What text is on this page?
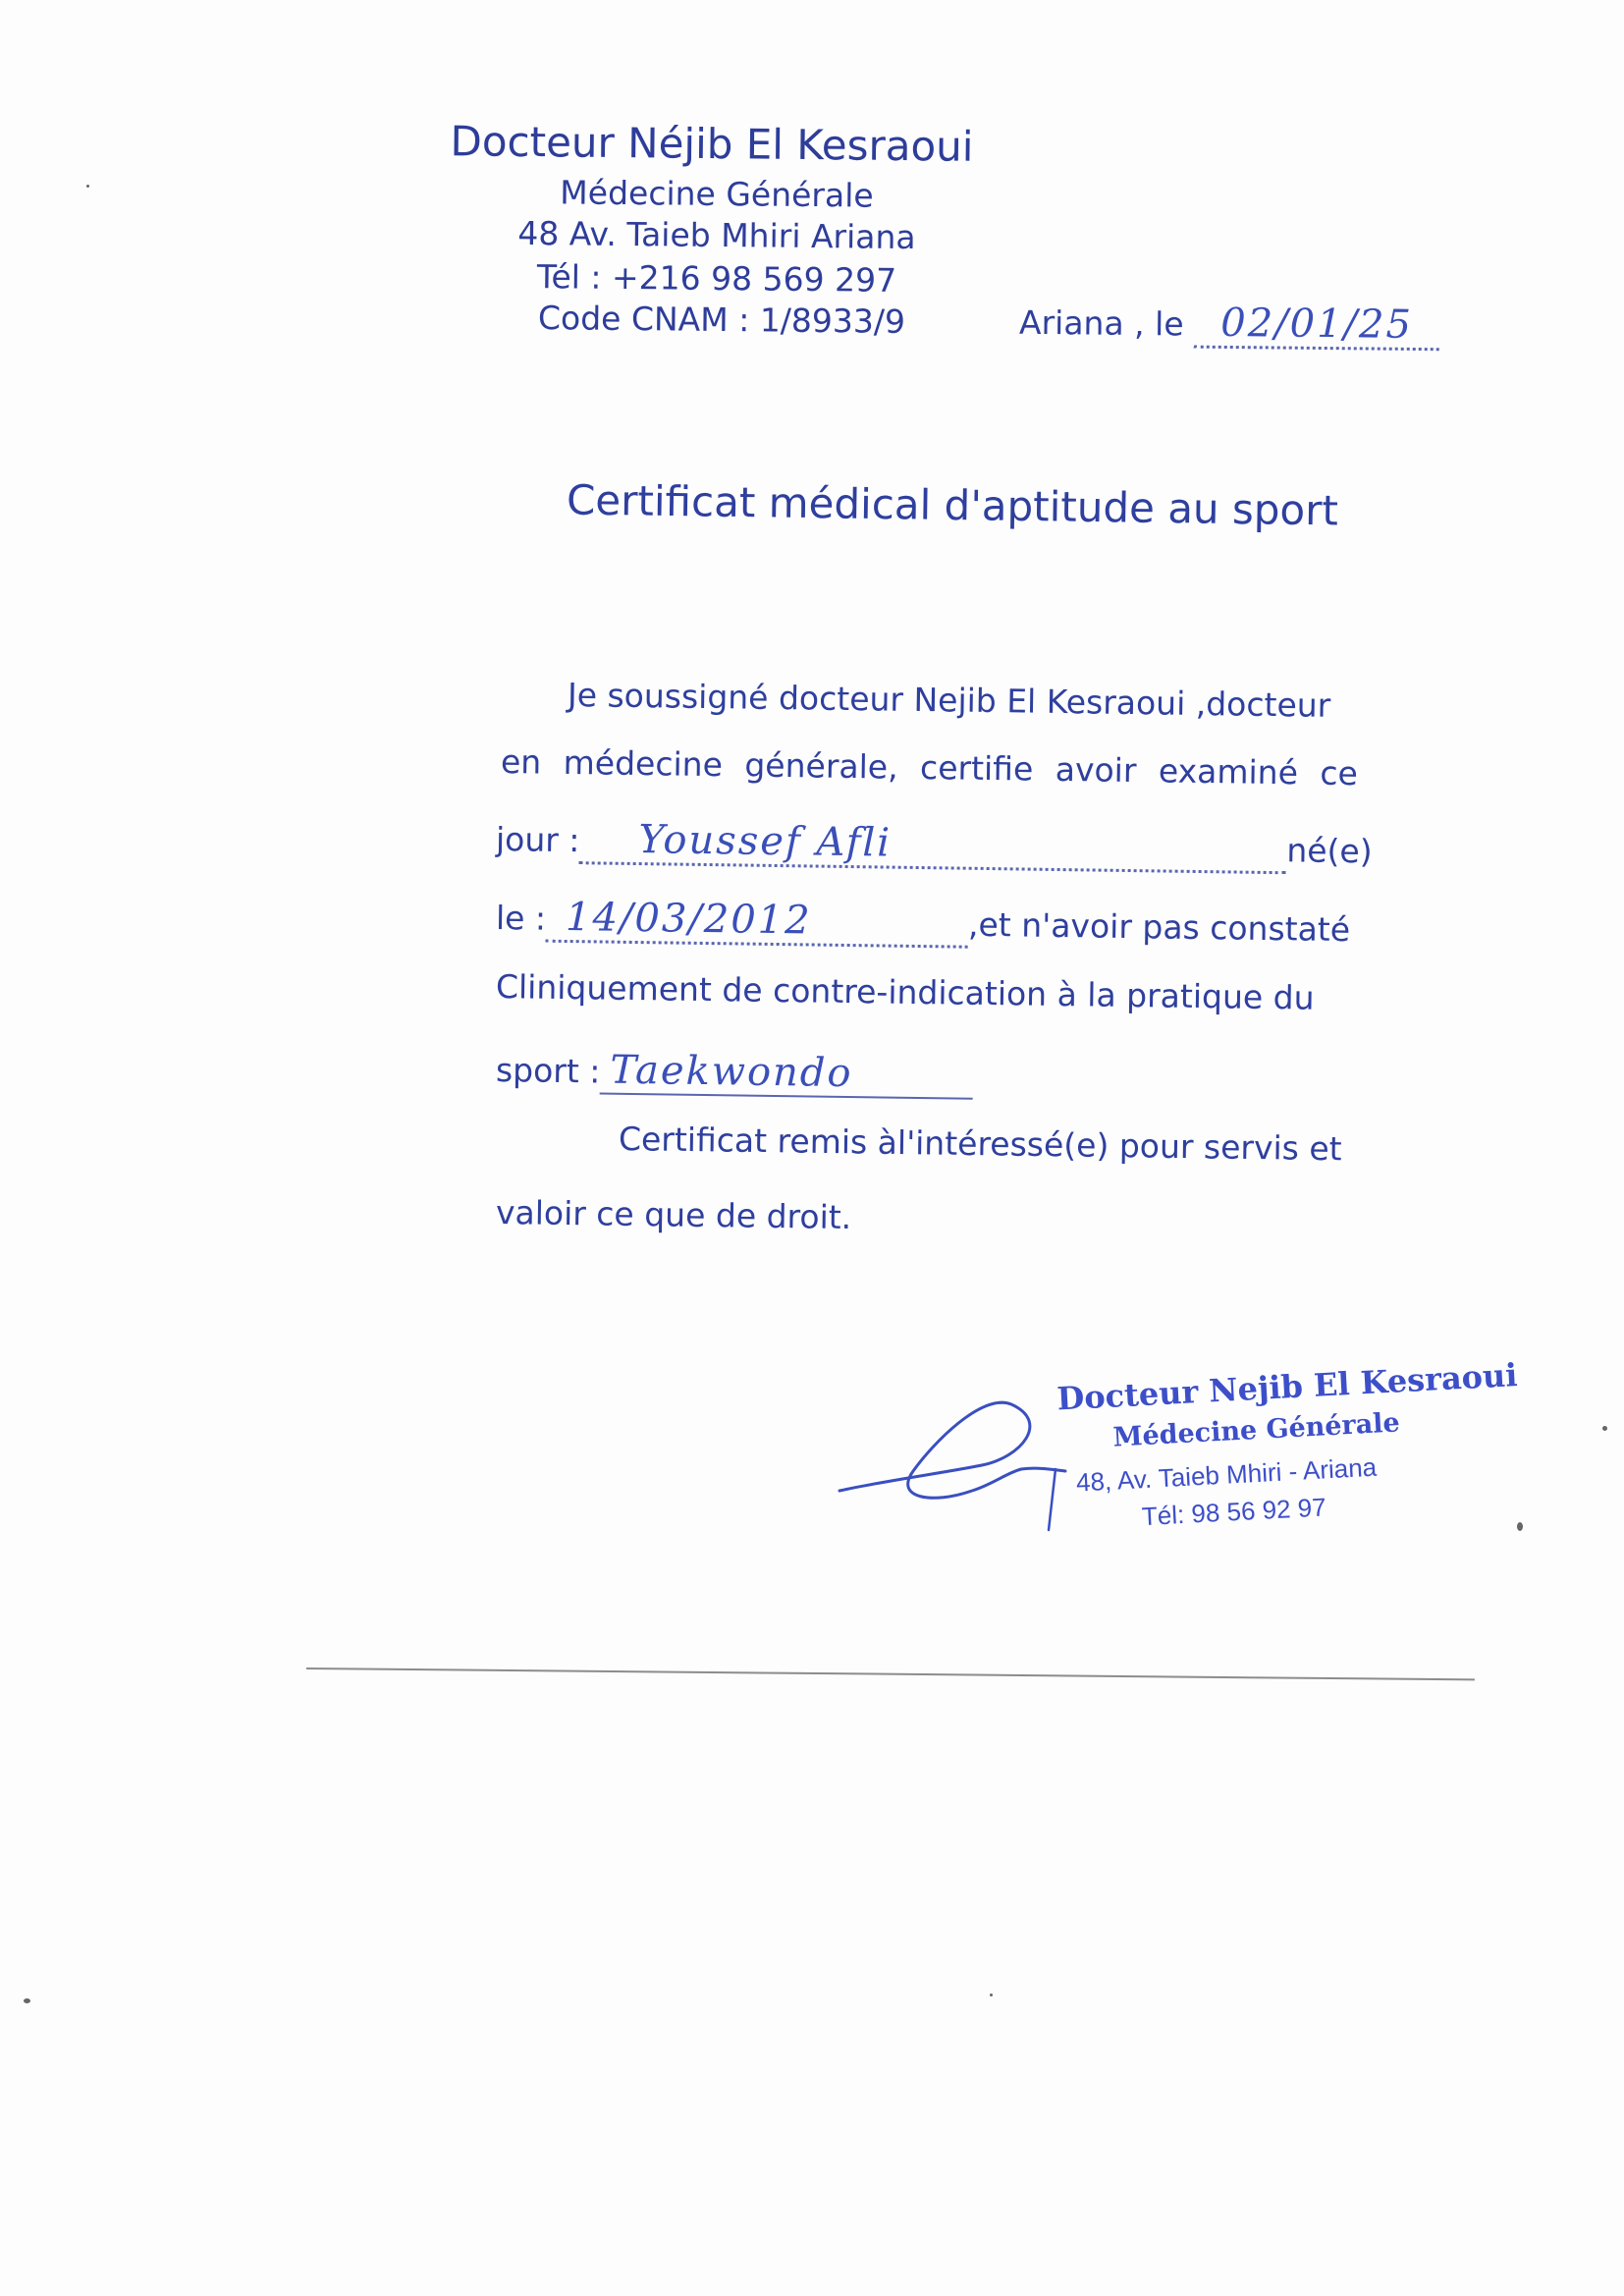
Docteur Néjib El Kesraoui
Médecine Générale
48 Av. Taieb Mhiri Ariana
Tél : +216 98 569 297
Code CNAM : 1/8933/9	Ariana , le 02/01/25
Certificat médical d'aptitude au sport
Je soussigné docteur Nejib El Kesraoui ,docteur
en médecine générale, certifie avoir examiné ce
jour : Youssef Afli	né(e)
le : 14/03/2012	,et n'avoir pas constaté
Cliniquement de contre-indication à la pratique du
sport : Taekwondo
Certificat remis àl'intéressé(e) pour servis et
valoir ce que de droit.
Docteur Nejib El Kesraoui
Médecine Générale
48, Av. Taieb Mhiri - Ariana
Tél: 98 56 92 97
